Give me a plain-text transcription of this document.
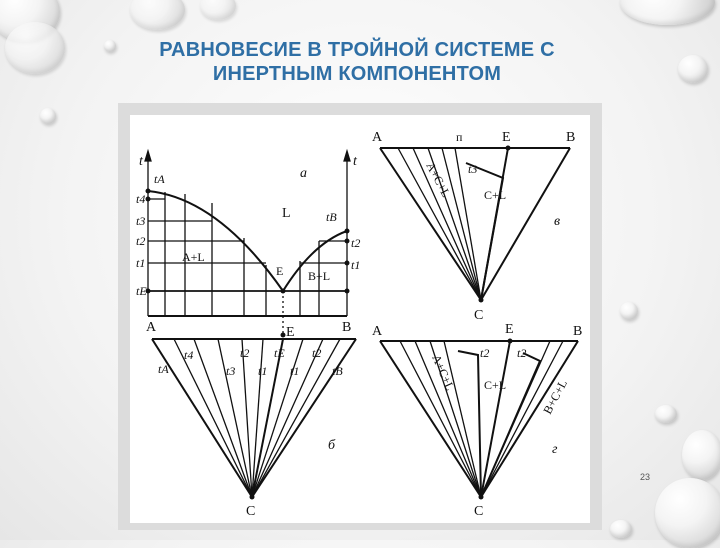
РАВНОВЕСИЕ В ТРОЙНОЙ СИСТЕМЕ С
ИНЕРТНЫМ КОМПОНЕНТОМ
t
tA
t4
t3
t2
t1
tE
а
t
tB
t2
t1
L
A+L
B+L
E
A	B
tA
t4
t3
t2
t1
tE
t1
t2
tB
E
б
C
A	п	E	B
t3
A+C+L	C+L
в
C
A	E	B
t2 t2
A+C+L C+L	B+C+L
г
C
23
